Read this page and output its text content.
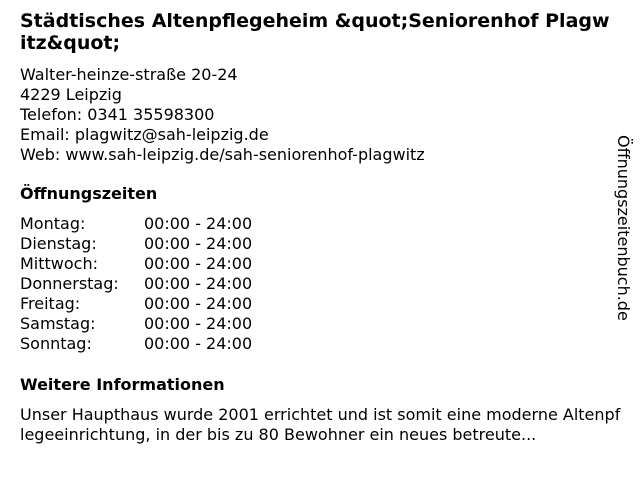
Städtisches Altenpflegeheim &quot;Seniorenhof Plagwitz&quot;
Walter-heinze-straße 20-24
4229 Leipzig
Telefon: 0341 35598300
Email: plagwitz@sah-leipzig.de
Web: www.sah-leipzig.de/sah-seniorenhof-plagwitz
Öffnungszeiten
Montag:	00:00 - 24:00
Dienstag:	00:00 - 24:00
Mittwoch:	00:00 - 24:00
Donnerstag:	00:00 - 24:00
Freitag:	00:00 - 24:00
Samstag:	00:00 - 24:00
Sonntag:	00:00 - 24:00
Weitere Informationen

Unser Haupthaus wurde 2001 errichtet und ist somit eine moderne Altenpflegeeinrichtung, in der bis zu 80 Bewohner ein neues betreute...

Öffnungszeitenbuch.de
